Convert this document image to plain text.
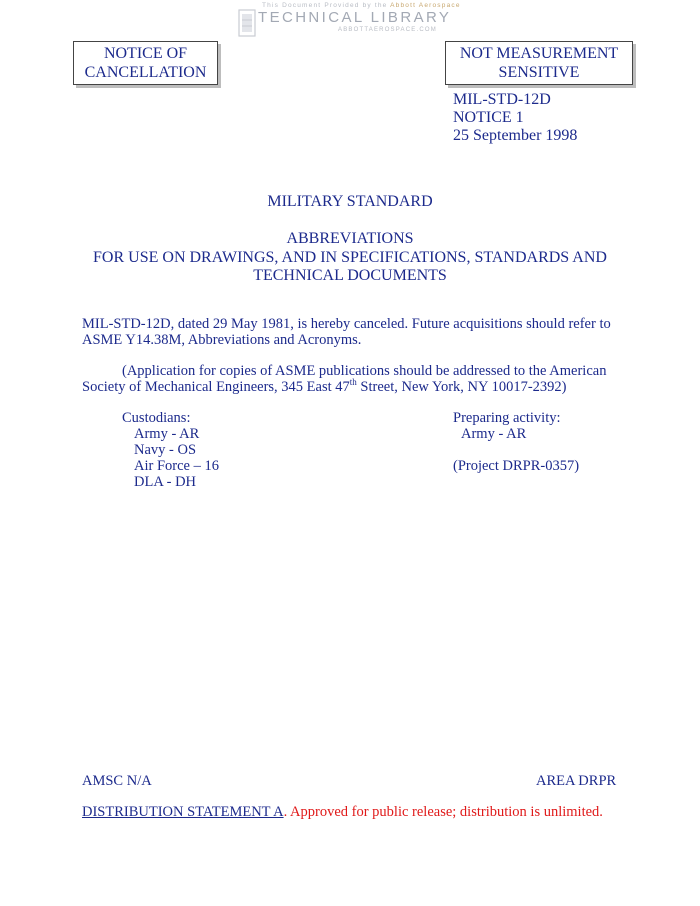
This Document Provided by the Abbott Aerospace
TECHNICAL LIBRARY
ABBOTTAEROSPACE.COM
NOTICE OF
CANCELLATION
NOT MEASUREMENT
SENSITIVE
MIL-STD-12D
NOTICE 1
25 September 1998
MILITARY STANDARD
ABBREVIATIONS
FOR USE ON DRAWINGS, AND IN SPECIFICATIONS, STANDARDS AND
TECHNICAL DOCUMENTS
MIL-STD-12D, dated 29 May 1981, is hereby canceled. Future acquisitions should refer to
ASME Y14.38M, Abbreviations and Acronyms.
(Application for copies of ASME publications should be addressed to the American
Society of Mechanical Engineers, 345 East 47th Street, New York, NY 10017-2392)
Custodians:
Army - AR
Navy - OS
Air Force – 16
DLA - DH
Preparing activity:
Army - AR
(Project DRPR-0357)
AMSC N/A	AREA DRPR
DISTRIBUTION STATEMENT A. Approved for public release; distribution is unlimited.
